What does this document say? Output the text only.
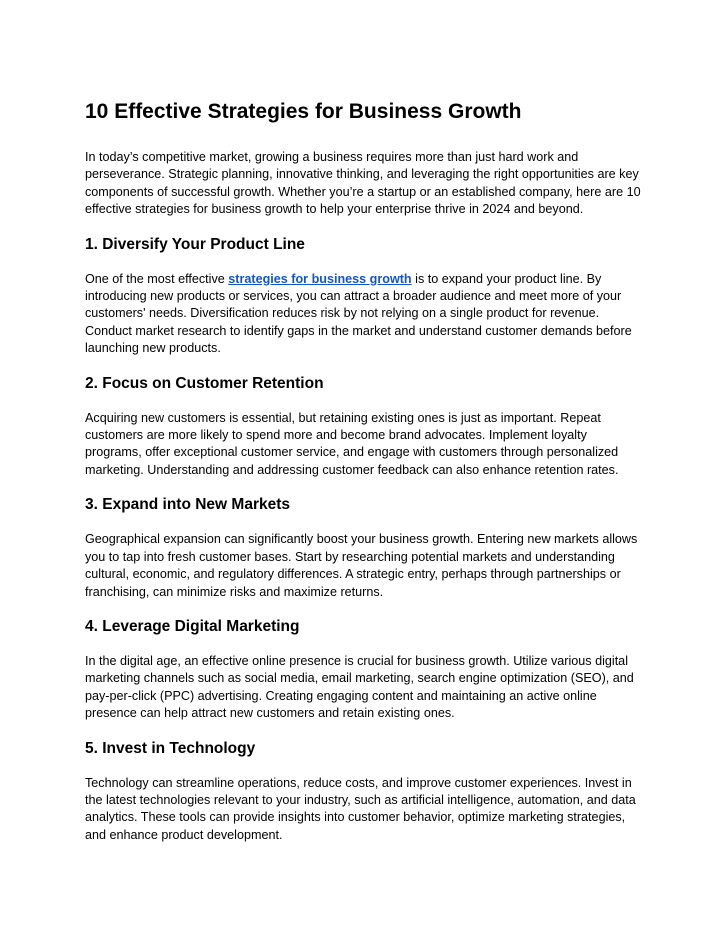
10 Effective Strategies for Business Growth

In today’s competitive market, growing a business requires more than just hard work and perseverance. Strategic planning, innovative thinking, and leveraging the right opportunities are key components of successful growth. Whether you’re a startup or an established company, here are 10 effective strategies for business growth to help your enterprise thrive in 2024 and beyond.

1. Diversify Your Product Line

One of the most effective strategies for business growth is to expand your product line. By introducing new products or services, you can attract a broader audience and meet more of your customers' needs. Diversification reduces risk by not relying on a single product for revenue. Conduct market research to identify gaps in the market and understand customer demands before launching new products.

2. Focus on Customer Retention

Acquiring new customers is essential, but retaining existing ones is just as important. Repeat customers are more likely to spend more and become brand advocates. Implement loyalty programs, offer exceptional customer service, and engage with customers through personalized marketing. Understanding and addressing customer feedback can also enhance retention rates.

3. Expand into New Markets

Geographical expansion can significantly boost your business growth. Entering new markets allows you to tap into fresh customer bases. Start by researching potential markets and understanding cultural, economic, and regulatory differences. A strategic entry, perhaps through partnerships or franchising, can minimize risks and maximize returns.

4. Leverage Digital Marketing

In the digital age, an effective online presence is crucial for business growth. Utilize various digital marketing channels such as social media, email marketing, search engine optimization (SEO), and pay-per-click (PPC) advertising. Creating engaging content and maintaining an active online presence can help attract new customers and retain existing ones.

5. Invest in Technology

Technology can streamline operations, reduce costs, and improve customer experiences. Invest in the latest technologies relevant to your industry, such as artificial intelligence, automation, and data analytics. These tools can provide insights into customer behavior, optimize marketing strategies, and enhance product development.
